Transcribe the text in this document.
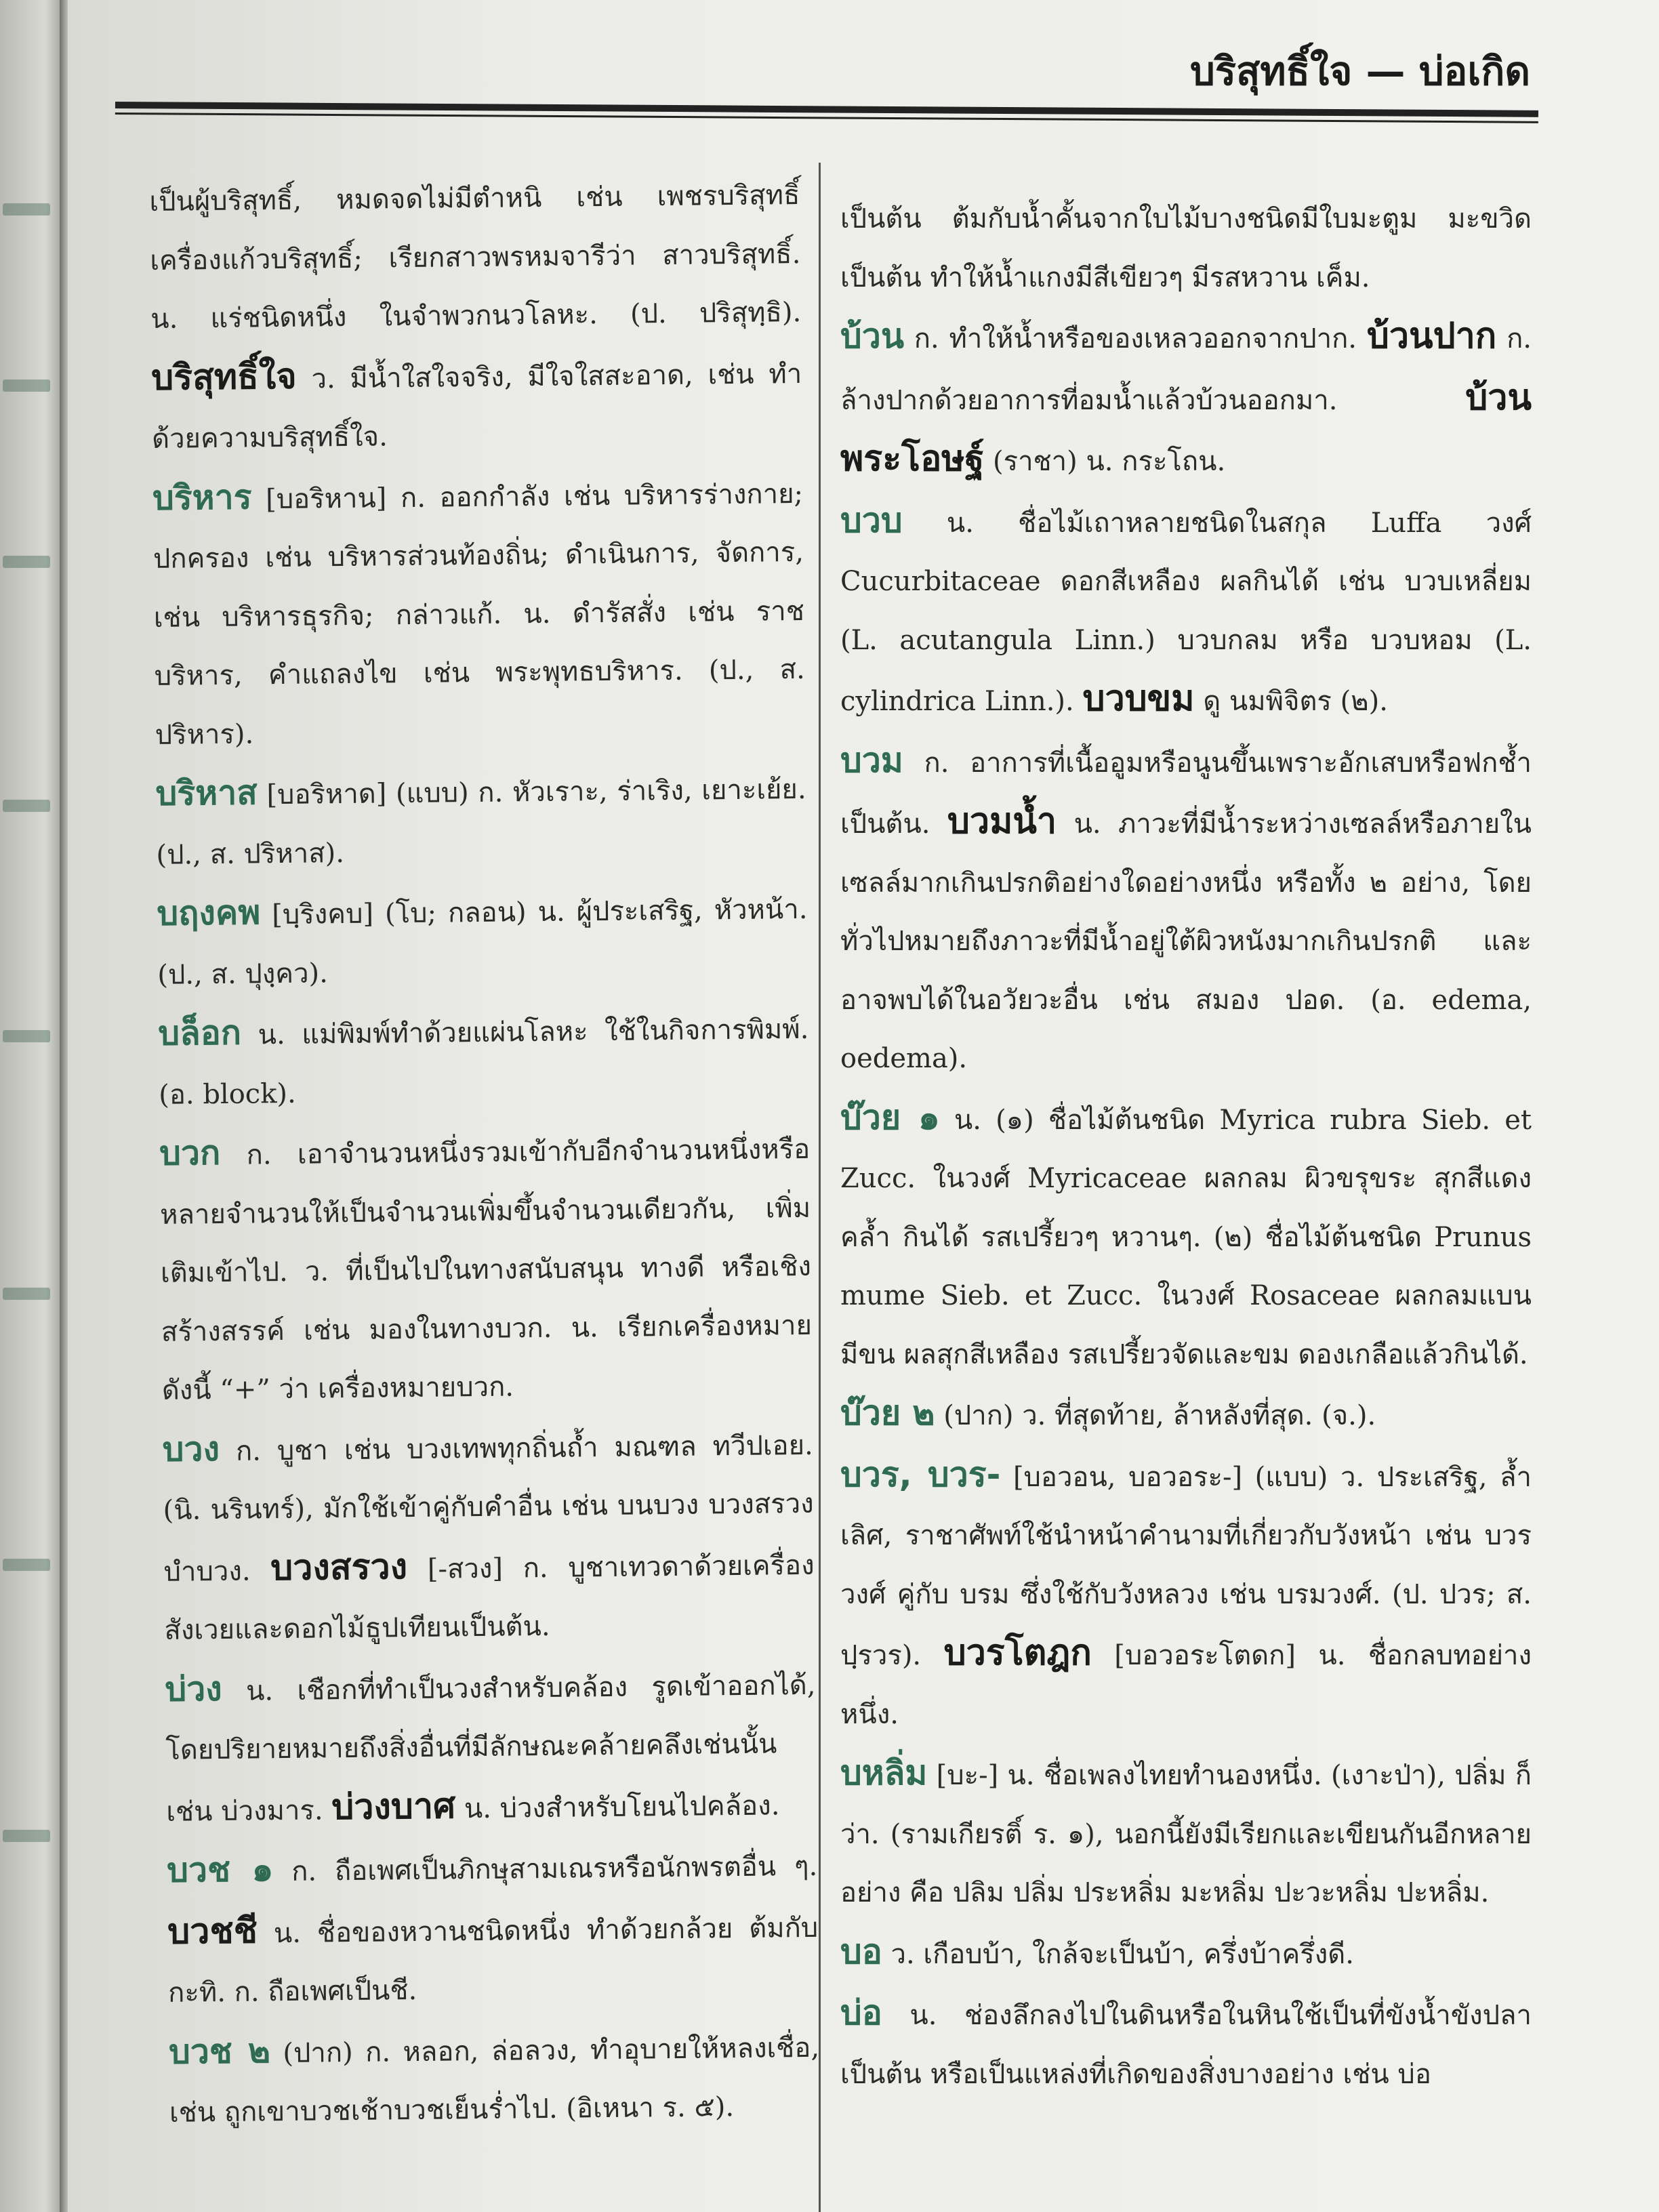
บริสุทธิ์ใจ — บ่อเกิด

เป็นผู้บริสุทธิ์, หมดจดไม่มีตำหนิ เช่น เพชรบริสุทธิ์ เครื่องแก้วบริสุทธิ์; เรียกสาวพรหมจารีว่า สาวบริสุทธิ์. น. แร่ชนิดหนึ่ง ในจำพวกนวโลหะ. (ป. ปริสุทฺธิ). บริสุทธิ์ใจ ว. มีน้ำใสใจจริง, มีใจใสสะอาด, เช่น ทำด้วยความบริสุทธิ์ใจ.

บริหาร [บอริหาน] ก. ออกกำลัง เช่น บริหารร่างกาย; ปกครอง เช่น บริหารส่วนท้องถิ่น; ดำเนินการ, จัดการ, เช่น บริหารธุรกิจ; กล่าวแก้. น. ดำรัสสั่ง เช่น ราชบริหาร, คำแถลงไข เช่น พระพุทธบริหาร. (ป., ส. ปริหาร).

บริหาส [บอริหาด] (แบบ) ก. หัวเราะ, ร่าเริง, เยาะเย้ย. (ป., ส. ปริหาส).

บฤงคพ [บฺริงคบ] (โบ; กลอน) น. ผู้ประเสริฐ, หัวหน้า. (ป., ส. ปุงฺคว).

บล็อก น. แม่พิมพ์ทำด้วยแผ่นโลหะ ใช้ในกิจการพิมพ์. (อ. block).

บวก ก. เอาจำนวนหนึ่งรวมเข้ากับอีกจำนวนหนึ่งหรือหลายจำนวนให้เป็นจำนวนเพิ่มขึ้นจำนวนเดียวกัน, เพิ่มเติมเข้าไป. ว. ที่เป็นไปในทางสนับสนุน ทางดี หรือเชิงสร้างสรรค์ เช่น มองในทางบวก. น. เรียกเครื่องหมายดังนี้ “+” ว่า เครื่องหมายบวก.

บวง ก. บูชา เช่น บวงเทพทุกถิ่นถ้ำ มณฑล ทวีปเอย. (นิ. นรินทร์), มักใช้เข้าคู่กับคำอื่น เช่น บนบวง บวงสรวง บำบวง. บวงสรวง [-สวง] ก. บูชาเทวดาด้วยเครื่องสังเวยและดอกไม้ธูปเทียนเป็นต้น.

บ่วง น. เชือกที่ทำเป็นวงสำหรับคล้อง รูดเข้าออกได้, โดยปริยายหมายถึงสิ่งอื่นที่มีลักษณะคล้ายคลึงเช่นนั้น เช่น บ่วงมาร. บ่วงบาศ น. บ่วงสำหรับโยนไปคล้อง.

บวช ๑ ก. ถือเพศเป็นภิกษุสามเณรหรือนักพรตอื่น ๆ. บวชชี น. ชื่อของหวานชนิดหนึ่ง ทำด้วยกล้วย ต้มกับกะทิ. ก. ถือเพศเป็นชี.

บวช ๒ (ปาก) ก. หลอก, ล่อลวง, ทำอุบายให้หลงเชื่อ, เช่น ถูกเขาบวชเช้าบวชเย็นร่ำไป. (อิเหนา ร. ๕).

เป็นต้น ต้มกับน้ำคั้นจากใบไม้บางชนิดมีใบมะตูม มะขวิด เป็นต้น ทำให้น้ำแกงมีสีเขียวๆ มีรสหวาน เค็ม.

บ้วน ก. ทำให้น้ำหรือของเหลวออกจากปาก. บ้วนปาก ก. ล้างปากด้วยอาการที่อมน้ำแล้วบ้วนออกมา.	บ้วนพระโอษฐ์ (ราชา) น. กระโถน.

บวบ น. ชื่อไม้เถาหลายชนิดในสกุล Luffa วงศ์ Cucurbitaceae ดอกสีเหลือง ผลกินได้ เช่น บวบเหลี่ยม (L. acutangula Linn.) บวบกลม หรือ บวบหอม (L. cylindrica Linn.). บวบขม ดู นมพิจิตร (๒).

บวม ก. อาการที่เนื้ออูมหรือนูนขึ้นเพราะอักเสบหรือฟกช้ำเป็นต้น. บวมน้ำ น. ภาวะที่มีน้ำระหว่างเซลล์หรือภายในเซลล์มากเกินปรกติอย่างใดอย่างหนึ่ง หรือทั้ง ๒ อย่าง, โดยทั่วไปหมายถึงภาวะที่มีน้ำอยู่ใต้ผิวหนังมากเกินปรกติ และอาจพบได้ในอวัยวะอื่น เช่น สมอง ปอด. (อ. edema, oedema).

บ๊วย ๑ น. (๑) ชื่อไม้ต้นชนิด Myrica rubra Sieb. et Zucc. ในวงศ์ Myricaceae ผลกลม ผิวขรุขระ สุกสีแดงคล้ำ กินได้ รสเปรี้ยวๆ หวานๆ. (๒) ชื่อไม้ต้นชนิด Prunus mume Sieb. et Zucc. ในวงศ์ Rosaceae ผลกลมแบน มีขน ผลสุกสีเหลือง รสเปรี้ยวจัดและขม ดองเกลือแล้วกินได้.

บ๊วย ๒ (ปาก) ว. ที่สุดท้าย, ล้าหลังที่สุด. (จ.).

บวร, บวร- [บอวอน, บอวอระ-] (แบบ) ว. ประเสริฐ, ล้ำเลิศ, ราชาศัพท์ใช้นำหน้าคำนามที่เกี่ยวกับวังหน้า เช่น บวรวงศ์ คู่กับ บรม ซึ่งใช้กับวังหลวง เช่น บรมวงศ์. (ป. ปวร; ส. ปฺรวร). บวรโตฎก [บอวอระโตดก] น. ชื่อกลบทอย่างหนึ่ง.

บหลิ่ม [บะ-] น. ชื่อเพลงไทยทำนองหนึ่ง. (เงาะป่า), ปลิ่ม ก็ว่า. (รามเกียรติ์ ร. ๑), นอกนี้ยังมีเรียกและเขียนกันอีกหลายอย่าง คือ ปลิม ปลิ่ม ประหลิ่ม มะหลิ่ม ปะวะหลิ่ม ปะหลิ่ม.

บอ ว. เกือบบ้า, ใกล้จะเป็นบ้า, ครึ่งบ้าครึ่งดี.

บ่อ น. ช่องลึกลงไปในดินหรือในหินใช้เป็นที่ขังน้ำขังปลาเป็นต้น หรือเป็นแหล่งที่เกิดของสิ่งบางอย่าง เช่น บ่อ
